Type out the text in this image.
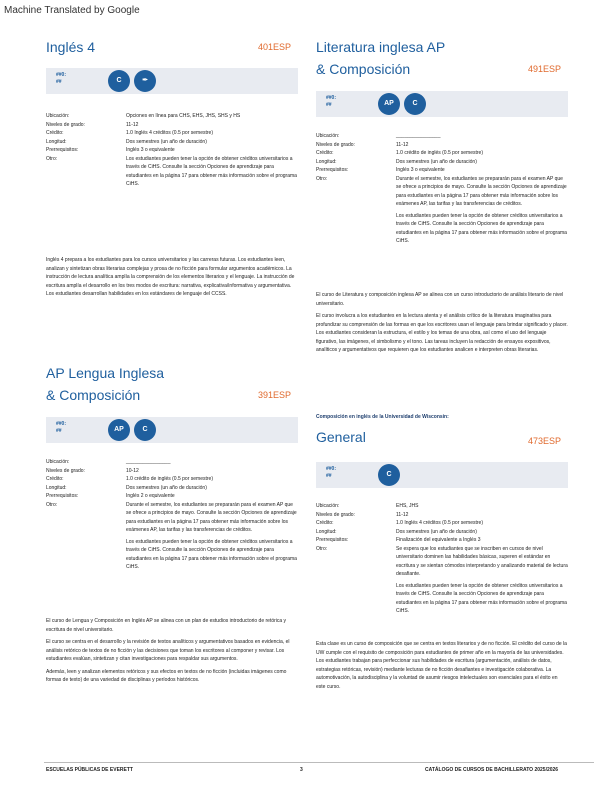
Machine Translated by Google
Inglés 4	401ESP
##0:
##	C	✒
Ubicación:	Opciones en línea para CHS, EHS, JHS, SHS y HS
Niveles de grado:	11-12
Crédito:	1.0 Inglés 4 créditos (0.5 por semestre)
Longitud:	Dos semestres (un año de duración)
Prerrequisitos:	Inglés 3 o equivalente
Otro:	Los estudiantes pueden tener la opción de obtener créditos universitarios a través de CiHS. Consulte la sección Opciones de aprendizaje para estudiantes en la página 17 para obtener más información sobre el programa CiHS.
Inglés 4 prepara a los estudiantes para los cursos universitarios y las carreras futuras. Los estudiantes leen, analizan y sintetizan obras literarias complejas y prosa de no ficción para formular argumentos académicos. La instrucción de lectura analítica amplía la comprensión de los elementos literarios y el lenguaje. La instrucción de escritura amplía el desarrollo en los tres modos de escritura: narrativa, explicativa/informativa y argumentativa. Los estudiantes desarrollan habilidades en los estándares de lenguaje del CCSS.
AP Lengua Inglesa
& Composición	391ESP
##0:
##	AP	C
Ubicación:	________________
Niveles de grado:	10-12
Crédito:	1.0 crédito de inglés (0.5 por semestre)
Longitud:	Dos semestres (un año de duración)
Prerrequisitos:	Inglés 2 o equivalente
Otro:	Durante el semestre, los estudiantes se prepararán para el examen AP que se ofrece a principios de mayo. Consulte la sección Opciones de aprendizaje para estudiantes en la página 17 para obtener más información sobre los exámenes AP, las tarifas y las transferencias de créditos.
Los estudiantes pueden tener la opción de obtener créditos universitarios a través de CiHS. Consulte la sección Opciones de aprendizaje para estudiantes en la página 17 para obtener más información sobre el programa CiHS.
El curso de Lengua y Composición en Inglés AP se alinea con un plan de estudios introductorio de retórica y escritura de nivel universitario.
El curso se centra en el desarrollo y la revisión de textos analíticos y argumentativos basados en evidencia, el análisis retórico de textos de no ficción y las decisiones que toman los escritores al componer y revisar. Los estudiantes evalúan, sintetizan y citan investigaciones para respaldar sus argumentos.
Además, leen y analizan elementos retóricos y sus efectos en textos de no ficción (incluidas imágenes como formas de texto) de una variedad de disciplinas y períodos históricos.
Literatura inglesa AP
& Composición	491ESP
##0:
##	AP	C
Ubicación:	________________
Niveles de grado:	11-12
Crédito:	1.0 crédito de inglés (0.5 por semestre)
Longitud:	Dos semestres (un año de duración)
Prerrequisitos:	Inglés 3 o equivalente
Otro:	Durante el semestre, los estudiantes se prepararán para el examen AP que se ofrece a principios de mayo. Consulte la sección Opciones de aprendizaje para estudiantes en la página 17 para obtener más información sobre los exámenes AP, las tarifas y las transferencias de créditos.
Los estudiantes pueden tener la opción de obtener créditos universitarios a través de CiHS. Consulte la sección Opciones de aprendizaje para estudiantes en la página 17 para obtener más información sobre el programa CiHS.
El curso de Literatura y composición inglesa AP se alinea con un curso introductorio de análisis literario de nivel universitario.
El curso involucra a los estudiantes en la lectura atenta y el análisis crítico de la literatura imaginativa para profundizar su comprensión de las formas en que los escritores usan el lenguaje para brindar significado y placer. Los estudiantes consideran la estructura, el estilo y los temas de una obra, así como el uso del lenguaje figurativo, las imágenes, el simbolismo y el tono. Las tareas incluyen la redacción de ensayos expositivos, analíticos y argumentativos que requieren que los estudiantes analicen e interpreten obras literarias.
Composición en inglés de la Universidad de Wisconsin:
General	473ESP
##0:
##	C
Ubicación:	EHS, JHS
Niveles de grado:	11-12
Crédito:	1.0 Inglés 4 créditos (0.5 por semestre)
Longitud:	Dos semestres (un año de duración)
Prerrequisitos:	Finalización del equivalente a Inglés 3
Otro:	Se espera que los estudiantes que se inscriben en cursos de nivel universitario dominen las habilidades básicas, superen el estándar en escritura y se sientan cómodos interpretando y analizando material de lectura desafiante.
Los estudiantes pueden tener la opción de obtener créditos universitarios a través de CiHS. Consulte la sección Opciones de aprendizaje para estudiantes en la página 17 para obtener más información sobre el programa CiHS.
Esta clase es un curso de composición que se centra en textos literarios y de no ficción. El crédito del curso de la UW cumple con el requisito de composición para estudiantes de primer año en la mayoría de las universidades. Los estudiantes trabajan para perfeccionar sus habilidades de escritura (argumentación, análisis de datos, estrategias retóricas, revisión) mediante lecturas de no ficción desafiantes e investigación colaborativa. La automotivación, la autodisciplina y la voluntad de asumir riesgos intelectuales son esenciales para el éxito en este curso.
ESCUELAS PÚBLICAS DE EVERETT	3	CATÁLOGO DE CURSOS DE BACHILLERATO 2025/2026
